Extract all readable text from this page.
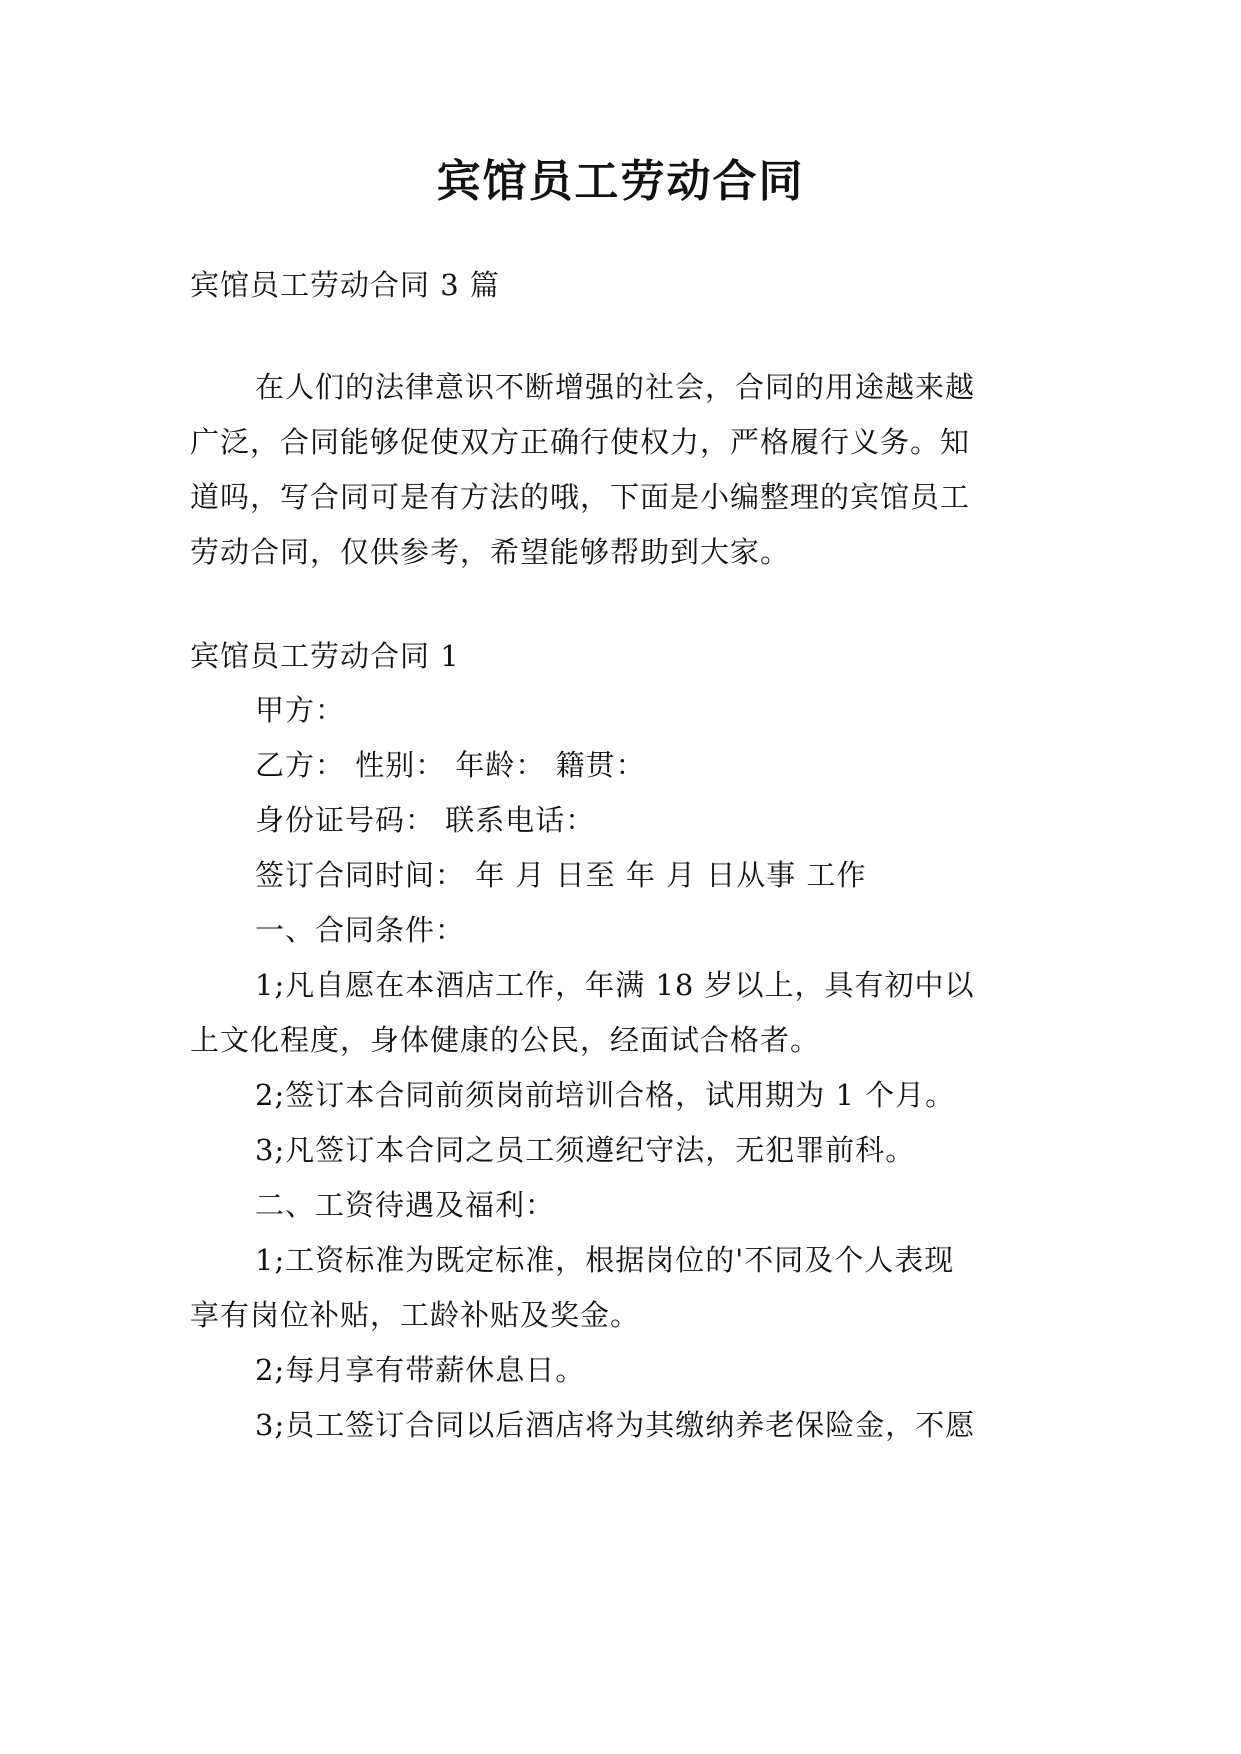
宾馆员工劳动合同
宾馆员工劳动合同 3 篇
在人们的法律意识不断增强的社会，合同的用途越来越
广泛，合同能够促使双方正确行使权力，严格履行义务。知
道吗，写合同可是有方法的哦，下面是小编整理的宾馆员工
劳动合同，仅供参考，希望能够帮助到大家。
宾馆员工劳动合同 1
甲方：
乙方： 性别： 年龄： 籍贯：
身份证号码： 联系电话：
签订合同时间： 年 月 日至 年 月 日从事 工作
一、合同条件：
1;凡自愿在本酒店工作，年满 18 岁以上，具有初中以
上文化程度，身体健康的公民，经面试合格者。
2;签订本合同前须岗前培训合格，试用期为 1 个月。
3;凡签订本合同之员工须遵纪守法，无犯罪前科。
二、工资待遇及福利：
1;工资标准为既定标准，根据岗位的'不同及个人表现
享有岗位补贴，工龄补贴及奖金。
2;每月享有带薪休息日。
3;员工签订合同以后酒店将为其缴纳养老保险金，不愿
